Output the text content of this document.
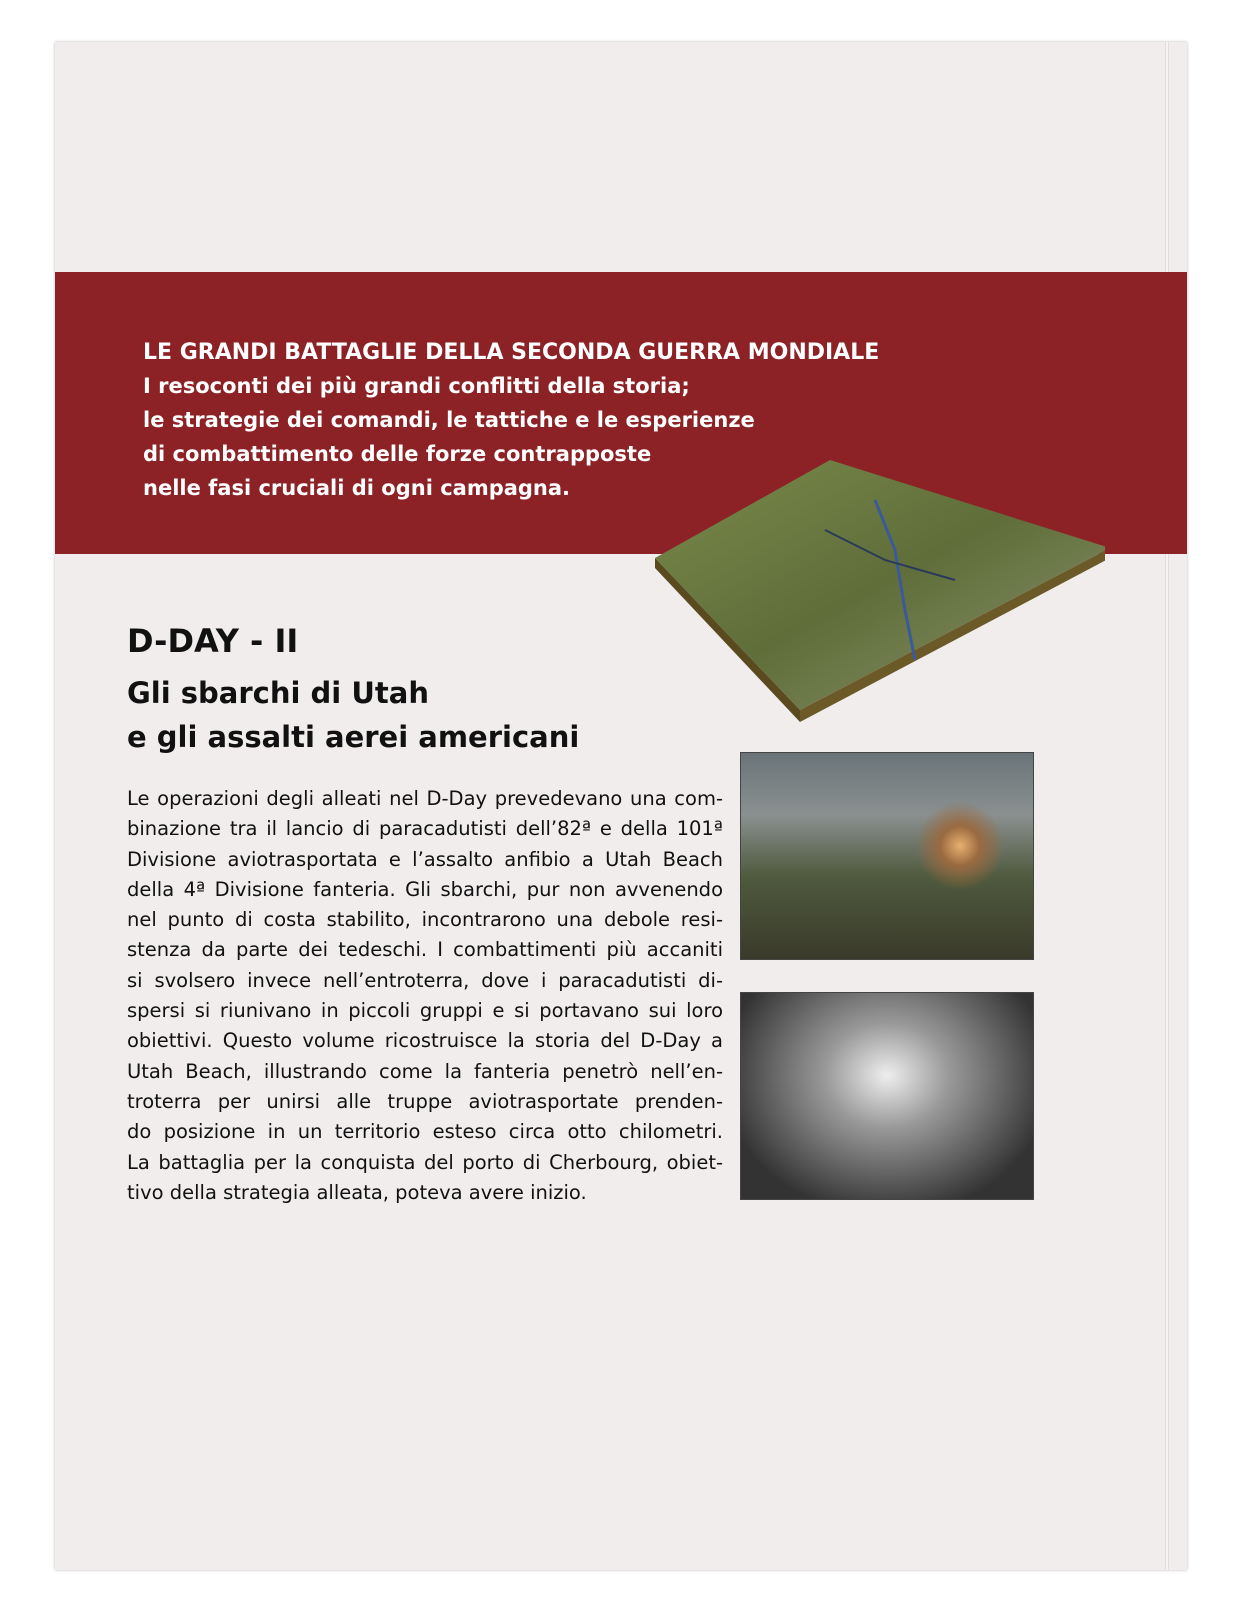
LE GRANDI BATTAGLIE DELLA SECONDA GUERRA MONDIALE
I resoconti dei più grandi conflitti della storia;
le strategie dei comandi, le tattiche e le esperienze
di combattimento delle forze contrapposte
nelle fasi cruciali di ogni campagna.
D-DAY - II
Gli sbarchi di Utah
e gli assalti aerei americani
Le operazioni degli alleati nel D-Day prevedevano una com-
binazione tra il lancio di paracadutisti dell’82ª e della 101ª
Divisione aviotrasportata e l’assalto anfibio a Utah Beach
della 4ª Divisione fanteria. Gli sbarchi, pur non avvenendo
nel punto di costa stabilito, incontrarono una debole resi-
stenza da parte dei tedeschi. I combattimenti più accaniti
si svolsero invece nell’entroterra, dove i paracadutisti di-
spersi si riunivano in piccoli gruppi e si portavano sui loro
obiettivi. Questo volume ricostruisce la storia del D-Day a
Utah Beach, illustrando come la fanteria penetrò nell’en-
troterra per unirsi alle truppe aviotrasportate prenden-
do posizione in un territorio esteso circa otto chilometri.
La battaglia per la conquista del porto di Cherbourg, obiet-
tivo della strategia alleata, poteva avere inizio.
